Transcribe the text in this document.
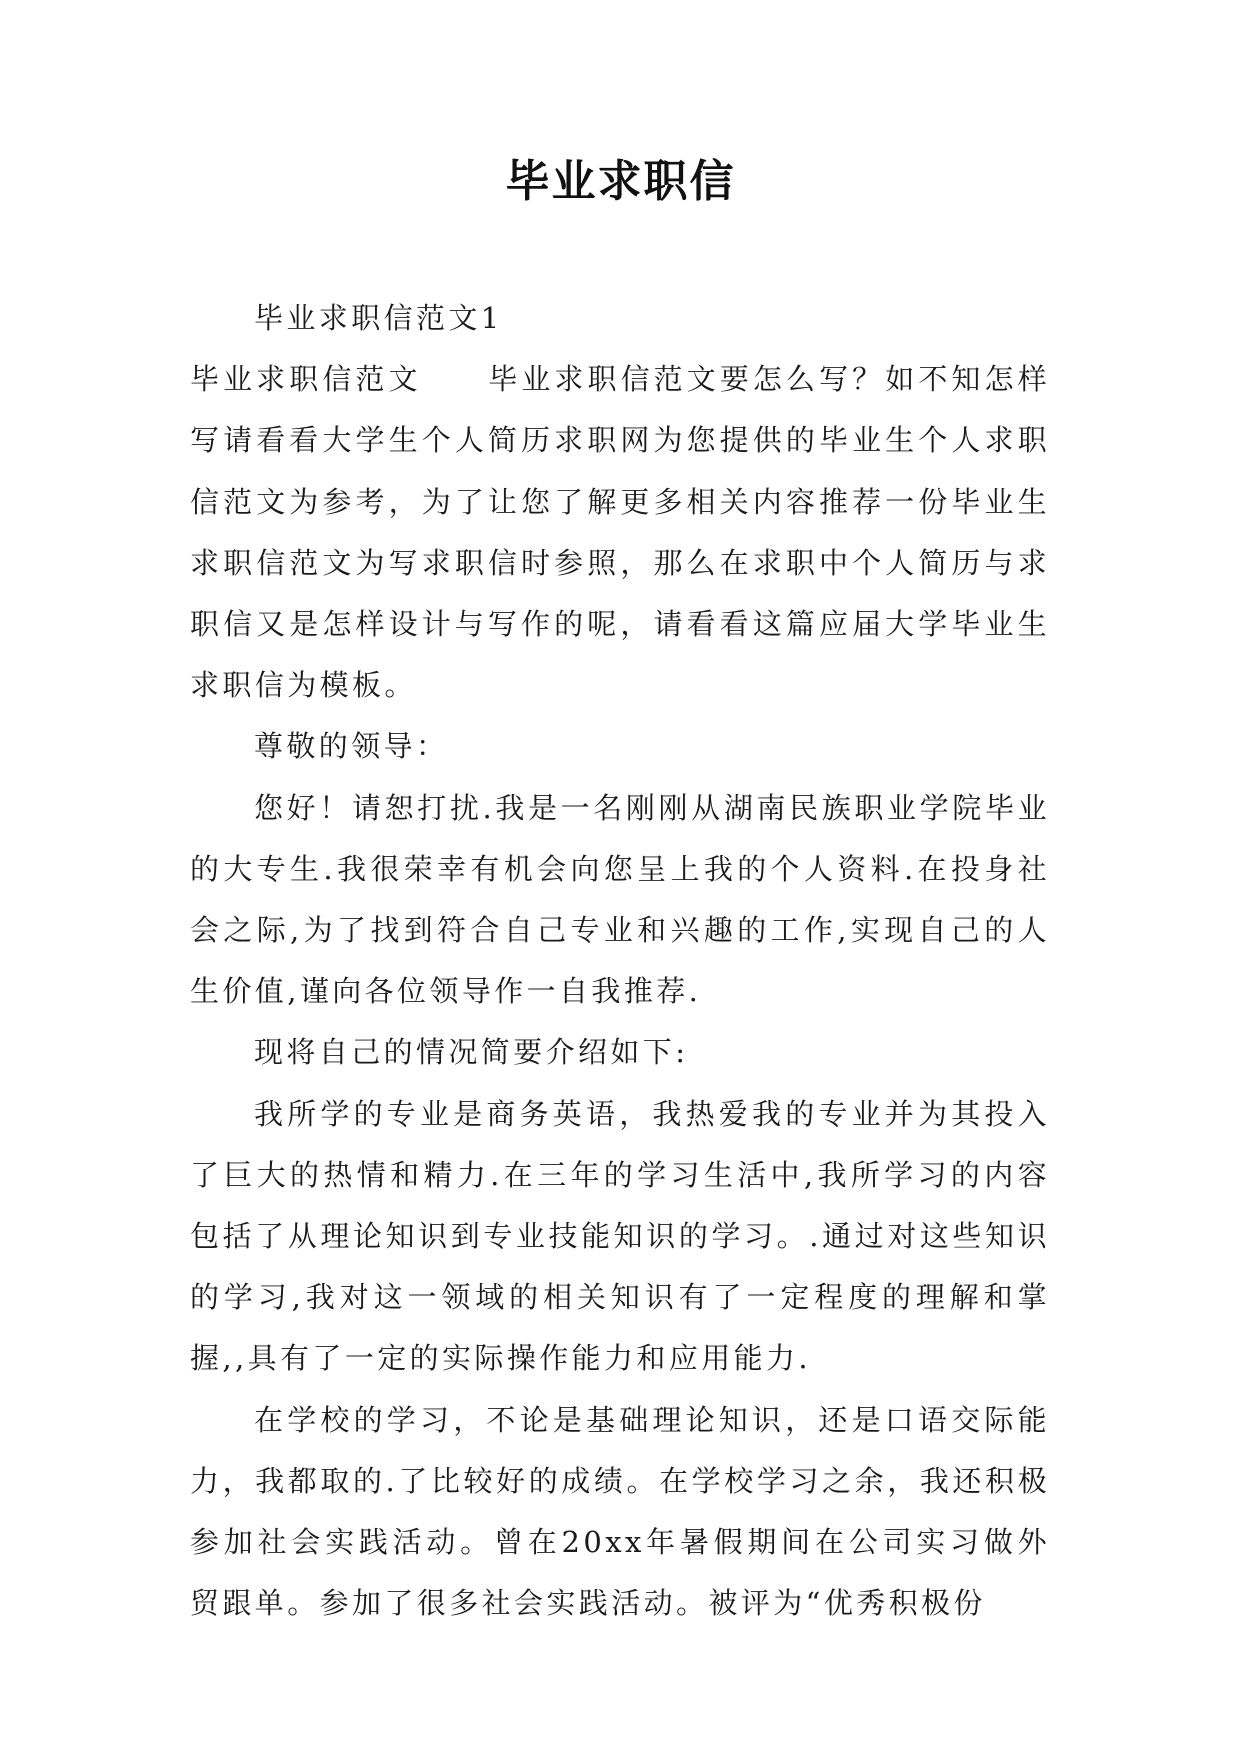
毕业求职信

毕业求职信范文1

毕业求职信范文 毕业求职信范文要怎么写？如不知怎样写请看看大学生个人简历求职网为您提供的毕业生个人求职信范文为参考，为了让您了解更多相关内容推荐一份毕业生求职信范文为写求职信时参照，那么在求职中个人简历与求职信又是怎样设计与写作的呢，请看看这篇应届大学毕业生求职信为模板。

尊敬的领导：

您好！请恕打扰.我是一名刚刚从湖南民族职业学院毕业的大专生.我很荣幸有机会向您呈上我的个人资料.在投身社会之际,为了找到符合自己专业和兴趣的工作,实现自己的人生价值,谨向各位领导作一自我推荐.

现将自己的情况简要介绍如下:

我所学的专业是商务英语，我热爱我的专业并为其投入了巨大的热情和精力.在三年的学习生活中,我所学习的内容包括了从理论知识到专业技能知识的学习。.通过对这些知识的学习,我对这一领域的相关知识有了一定程度的理解和掌握,,具有了一定的实际操作能力和应用能力.

在学校的学习，不论是基础理论知识，还是口语交际能力，我都取的.了比较好的成绩。在学校学习之余，我还积极参加社会实践活动。曾在20xx年暑假期间在公司实习做外贸跟单。参加了很多社会实践活动。被评为“优秀积极份
